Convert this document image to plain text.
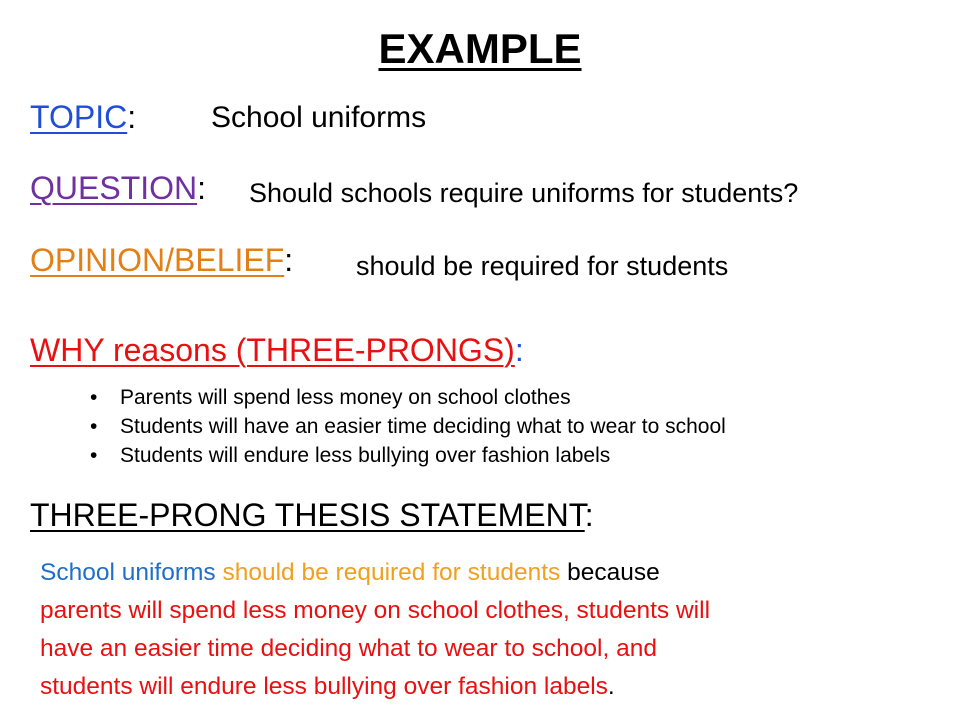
EXAMPLE
TOPIC: School uniforms
QUESTION: Should schools require uniforms for students?
OPINION/BELIEF: should be required for students
WHY reasons (THREE-PRONGS):
• Parents will spend less money on school clothes
• Students will have an easier time deciding what to wear to school
• Students will endure less bullying over fashion labels
THREE-PRONG THESIS STATEMENT:

School uniforms should be required for students because
parents will spend less money on school clothes, students will
have an easier time deciding what to wear to school, and
students will endure less bullying over fashion labels.
